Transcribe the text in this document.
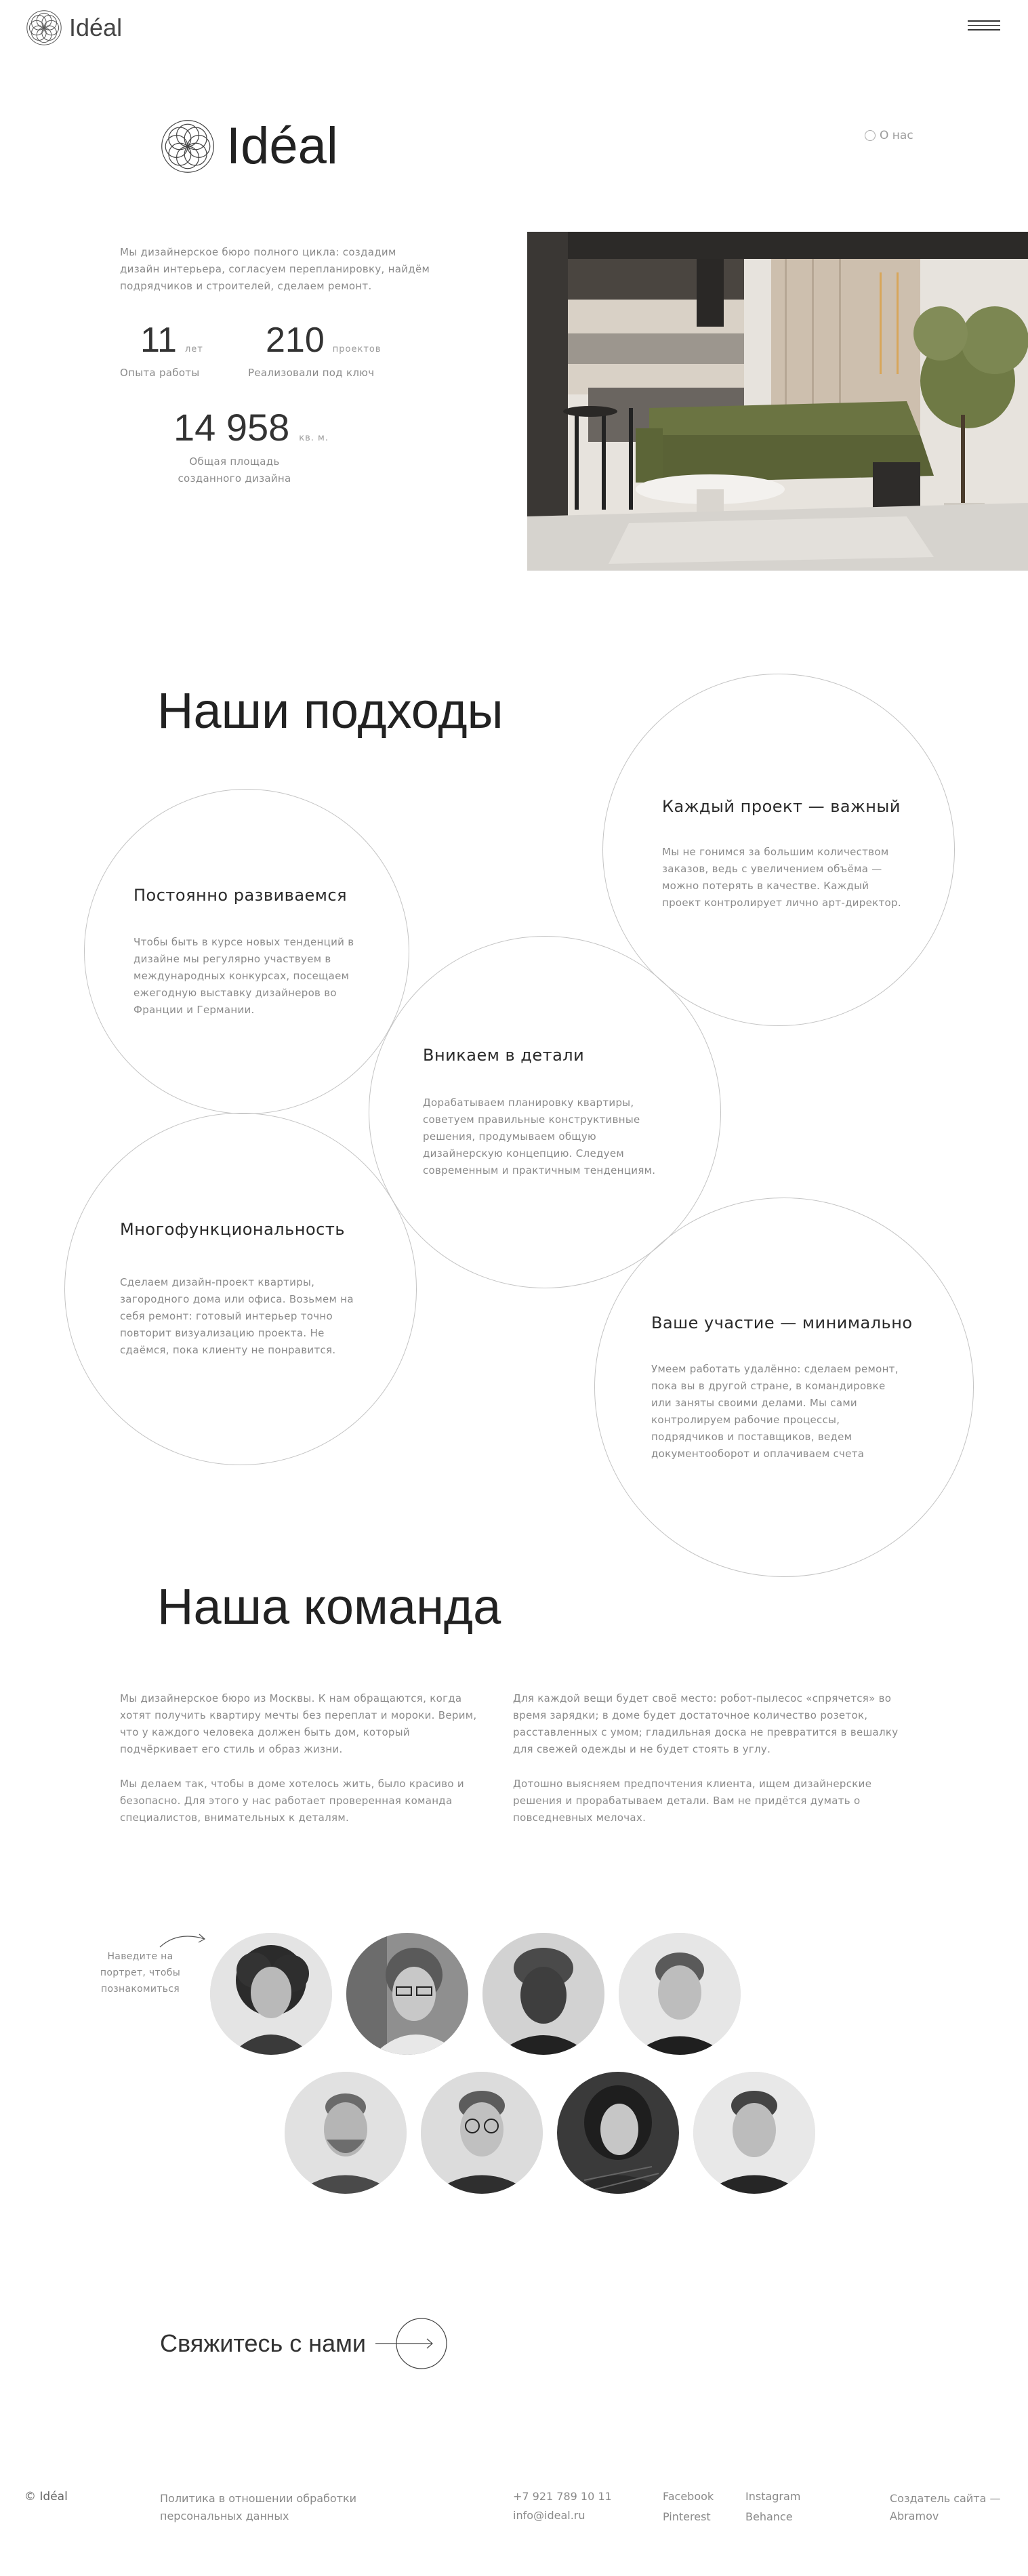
Idéal
Idéal	О нас

Мы дизайнерское бюро полного цикла: создадим дизайн интерьера, согласуем перепланировку, найдём подрядчиков и строителей, сделаем ремонт.

11 лет
Опыта работы
210 проектов
Реализовали под ключ
14 958 кв. м.
Общая площадь созданного дизайна
Наши подходы
Каждый проект — важный
Мы не гонимся за большим количеством заказов, ведь с увеличением объёма — можно потерять в качестве. Каждый проект контролирует лично арт-директор.
Постоянно развиваемся
Чтобы быть в курсе новых тенденций в дизайне мы регулярно участвуем в международных конкурсах, посещаем ежегодную выставку дизайнеров во Франции и Германии.
Вникаем в детали
Дорабатываем планировку квартиры, советуем правильные конструктивные решения, продумываем общую дизайнерскую концепцию. Следуем современным и практичным тенденциям.
Многофункциональность
Сделаем дизайн-проект квартиры, загородного дома или офиса. Возьмем на себя ремонт: готовый интерьер точно повторит визуализацию проекта. Не сдаёмся, пока клиенту не понравится.
Ваше участие — минимально
Умеем работать удалённо: сделаем ремонт, пока вы в другой стране, в командировке или заняты своими делами. Мы сами контролируем рабочие процессы, подрядчиков и поставщиков, ведем документооборот и оплачиваем счета
Наша команда

Мы дизайнерское бюро из Москвы. К нам обращаются, когда хотят получить квартиру мечты без переплат и мороки. Верим, что у каждого человека должен быть дом, который подчёркивает его стиль и образ жизни.

Мы делаем так, чтобы в доме хотелось жить, было красиво и безопасно. Для этого у нас работает проверенная команда специалистов, внимательных к деталям.

Для каждой вещи будет своё место: робот-пылесос «спрячется» во время зарядки; в доме будет достаточное количество розеток, расставленных с умом; гладильная доска не превратится в вешалку для свежей одежды и не будет стоять в углу.

Дотошно выясняем предпочтения клиента, ищем дизайнерские решения и прорабатываем детали. Вам не придётся думать о повседневных мелочах.

Наведите на портрет, чтобы познакомиться
Свяжитесь с нами
© Idéal	Политика в отношении обработки персональных данных
+7 921 789 10 11
info@ideal.ru
Facebook	Instagram
Pinterest	Behance
Создатель сайта — Abramov
